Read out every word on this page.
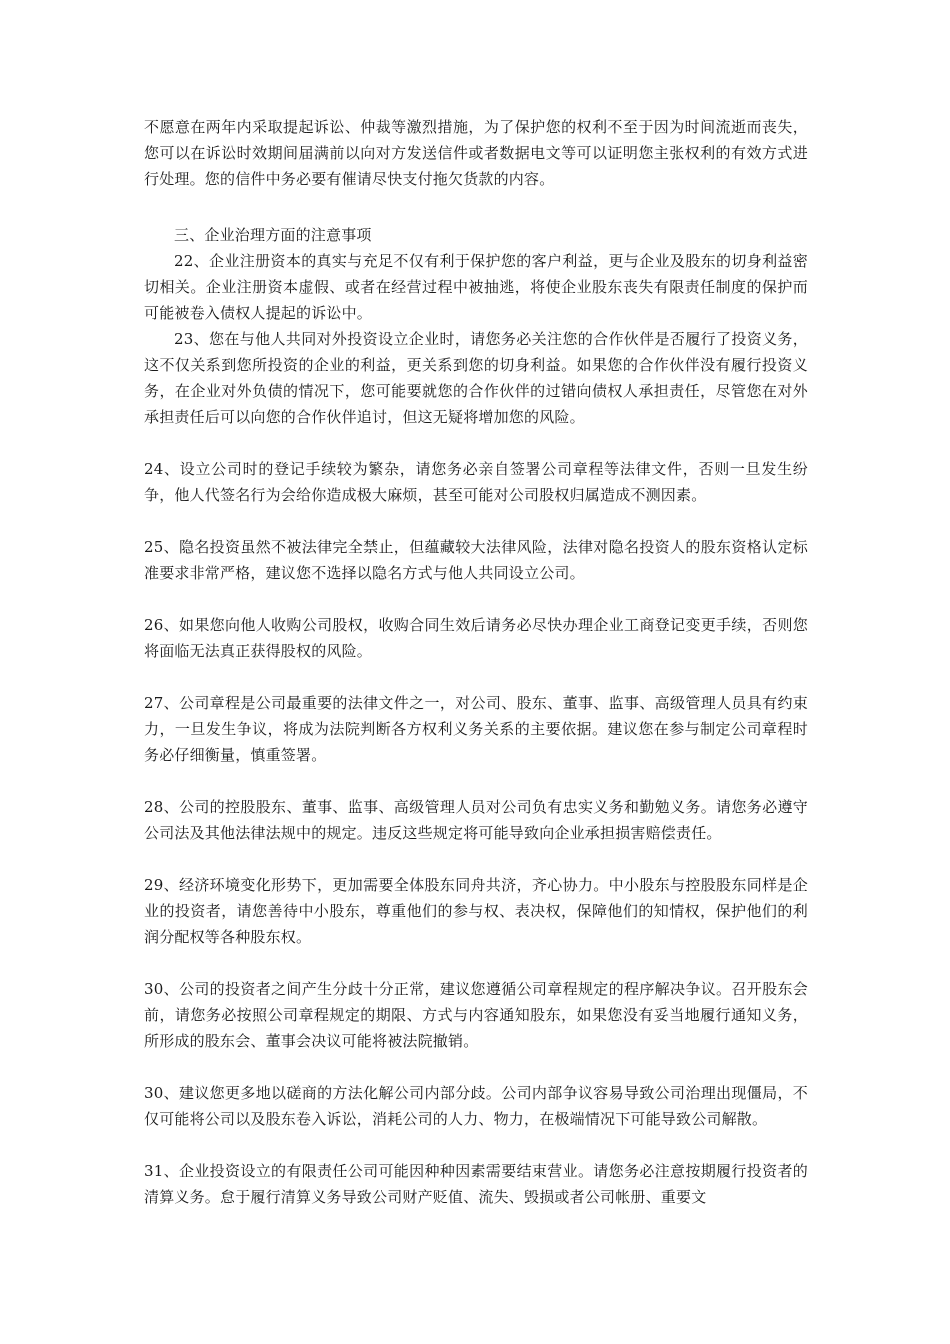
不愿意在两年内采取提起诉讼、仲裁等激烈措施，为了保护您的权利不至于因为时间流逝而丧失，您可以在诉讼时效期间届满前以向对方发送信件或者数据电文等可以证明您主张权利的有效方式进行处理。您的信件中务必要有催请尽快支付拖欠货款的内容。

三、企业治理方面的注意事项

22、企业注册资本的真实与充足不仅有利于保护您的客户利益，更与企业及股东的切身利益密切相关。企业注册资本虚假、或者在经营过程中被抽逃，将使企业股东丧失有限责任制度的保护而可能被卷入债权人提起的诉讼中。

23、您在与他人共同对外投资设立企业时，请您务必关注您的合作伙伴是否履行了投资义务，这不仅关系到您所投资的企业的利益，更关系到您的切身利益。如果您的合作伙伴没有履行投资义务，在企业对外负债的情况下，您可能要就您的合作伙伴的过错向债权人承担责任，尽管您在对外承担责任后可以向您的合作伙伴追讨，但这无疑将增加您的风险。

24、设立公司时的登记手续较为繁杂，请您务必亲自签署公司章程等法律文件，否则一旦发生纷争，他人代签名行为会给你造成极大麻烦，甚至可能对公司股权归属造成不测因素。

25、隐名投资虽然不被法律完全禁止，但蕴藏较大法律风险，法律对隐名投资人的股东资格认定标准要求非常严格，建议您不选择以隐名方式与他人共同设立公司。

26、如果您向他人收购公司股权，收购合同生效后请务必尽快办理企业工商登记变更手续，否则您将面临无法真正获得股权的风险。

27、公司章程是公司最重要的法律文件之一，对公司、股东、董事、监事、高级管理人员具有约束力，一旦发生争议，将成为法院判断各方权利义务关系的主要依据。建议您在参与制定公司章程时务必仔细衡量，慎重签署。

28、公司的控股股东、董事、监事、高级管理人员对公司负有忠实义务和勤勉义务。请您务必遵守公司法及其他法律法规中的规定。违反这些规定将可能导致向企业承担损害赔偿责任。

29、经济环境变化形势下，更加需要全体股东同舟共济，齐心协力。中小股东与控股股东同样是企业的投资者，请您善待中小股东，尊重他们的参与权、表决权，保障他们的知情权，保护他们的利润分配权等各种股东权。

30、公司的投资者之间产生分歧十分正常，建议您遵循公司章程规定的程序解决争议。召开股东会前，请您务必按照公司章程规定的期限、方式与内容通知股东，如果您没有妥当地履行通知义务，所形成的股东会、董事会决议可能将被法院撤销。

30、建议您更多地以磋商的方法化解公司内部分歧。公司内部争议容易导致公司治理出现僵局，不仅可能将公司以及股东卷入诉讼，消耗公司的人力、物力，在极端情况下可能导致公司解散。

31、企业投资设立的有限责任公司可能因种种因素需要结束营业。请您务必注意按期履行投资者的清算义务。怠于履行清算义务导致公司财产贬值、流失、毁损或者公司帐册、重要文
